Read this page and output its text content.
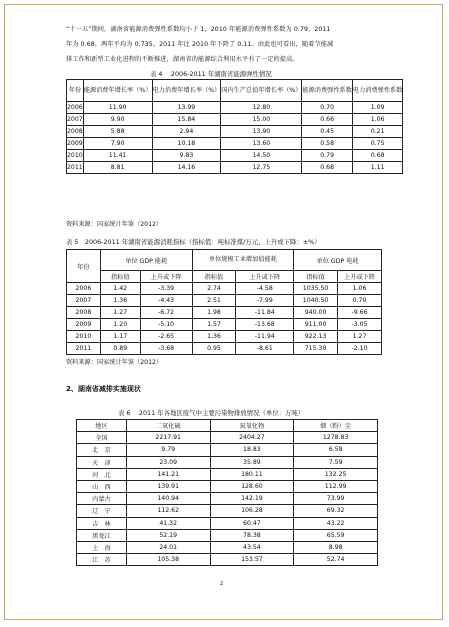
“十一五”期间，湖南省能源消费弹性系数均小于 1，2010 年能源消费弹性系数为 0.79，2011
年为 0.68，两年平均为 0.735，2011 年比 2010 年下降了 0.11。由此也可看出，随着节能减
排工作和新型工业化进程的不断推进，湖南省的能源综合利用水平有了一定的提高。
表 4　 2006-2011 年湖南省能源弹性情况
年份	能源消费年增长率（%）	电力消费年增长率（%）	国内生产总值年增长率（%）	能源消费弹性系数	电力消费弹性系数
2006	11.90	13.99	12.80	0.70	1.09
2007	9.90	15.84	15.00	0.66	1.06
2008	5.88	2.94	13.90	0.45	0.21
2009	7.90	10.18	13.60	0.58	0.75
2010	11.41	9.83	14.50	0.79	0.68
2011	8.81	14.16	12.75	0.68	1.11
资料来源：国家统计年鉴（2012）
表 5　2006-2011 年湖南省能源消耗指标（指标值：吨标准煤/万元、上升或下降：±%）
年份	单位 GDP 能耗		单位规模工业增加值能耗		单位 GDP 电耗	
	指标值	上升或下降	指标值	上升或下降	指标值	上升或下降
2006	1.42	-3.39	2.74	-4.58	1035.50	1.06
2007	1.36	-4.43	2.51	-7.99	1040.50	0.70
2008	1.27	-6.72	1.98	-11.84	940.00	-9.66
2009	1.20	-5.10	1.57	-13.68	911.00	-3.05
2010	1.17	-2.65	1.36	-11.94	922.13	1.27
2011	0.89	-3.68	0.95	-8.61	715.30	-2.10
资料来源：国家统计年鉴（2012）
2、湖南省减排实施现状
表 6　 2011 年各地区废气中主要污染物排放情况（单位：万吨）
地区	二氧化硫	氮氧化物	烟（粉）尘
全国	2217.91	2404.27	1278.83
北　京	9.79	18.83	6.58
天　津	23.09	35.89	7.59
河　北	141.21	180.11	132.25
山　西	139.91	128.60	112.99
内蒙古	140.94	142.19	73.99
辽　宁	112.62	106.28	69.32
吉　林	41.32	60.47	43.22
黑龙江	52.19	78.38	65.59
上　海	24.01	43.54	8.98
江　苏	105.38	153.57	52.74
2
